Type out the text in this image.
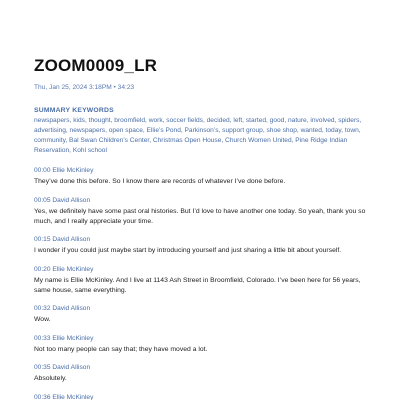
ZOOM0009_LR
Thu, Jan 25, 2024 3:18PM • 34:23
SUMMARY KEYWORDS
newspapers, kids, thought, broomfield, work, soccer fields, decided, left, started, good, nature, involved, spiders, advertising, newspapers, open space, Ellie’s Pond, Parkinson’s, support group, shoe shop, wanted, today, town, community, Bal Swan Children’s Center, Christmas Open House, Church Women United, Pine Ridge Indian Reservation, Kohl school
00:00 Ellie McKinley
They’ve done this before. So I know there are records of whatever I’ve done before.
00:05 David Allison
Yes, we definitely have some past oral histories. But I’d love to have another one today. So yeah, thank you so much, and I really appreciate your time.
00:15 David Allison
I wonder if you could just maybe start by introducing yourself and just sharing a little bit about yourself.
00:20 Ellie McKinley
My name is Ellie McKinley. And I live at 1143 Ash Street in Broomfield, Colorado. I’ve been here for 56 years, same house, same everything.
00:32 David Allison
Wow.
00:33 Ellie McKinley
Not too many people can say that; they have moved a lot.
00:35 David Allison
Absolutely.
00:36 Ellie McKinley
